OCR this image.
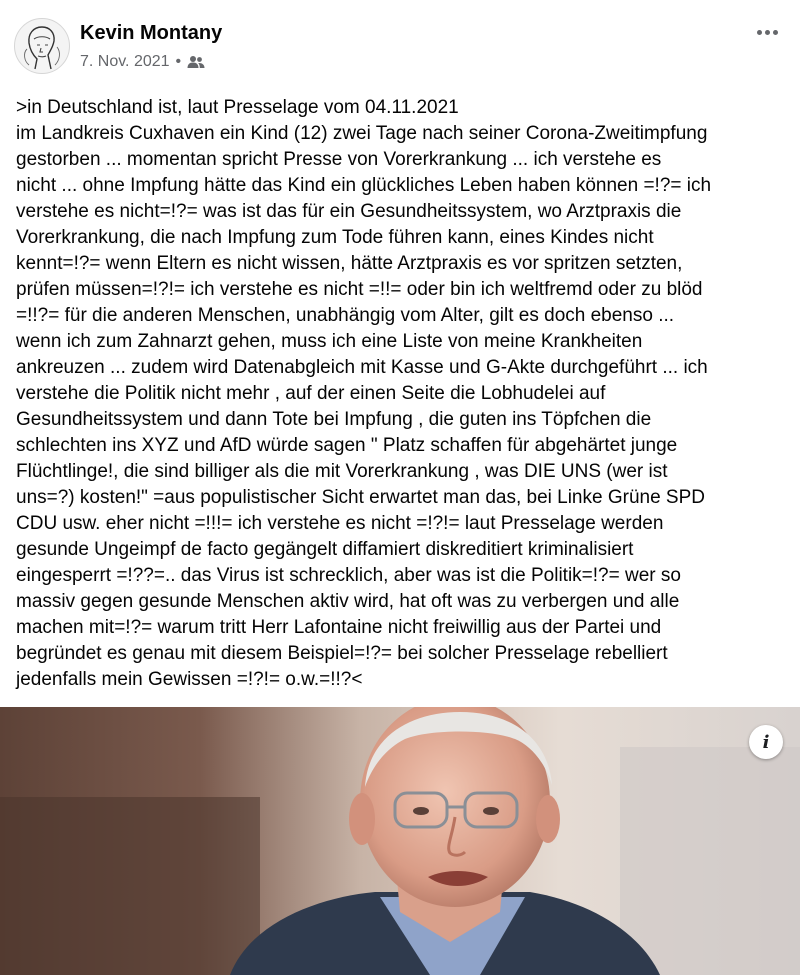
Kevin Montany
7. Nov. 2021 •
>in Deutschland ist, laut Presselage vom 04.11.2021
im Landkreis Cuxhaven ein Kind (12) zwei Tage nach seiner Corona-Zweitimpfung
gestorben ... momentan spricht Presse von Vorerkrankung ... ich verstehe es
nicht ... ohne Impfung hätte das Kind ein glückliches Leben haben können =!?= ich
verstehe es nicht=!?= was ist das für ein Gesundheitssystem, wo Arztpraxis die
Vorerkrankung, die nach Impfung zum Tode führen kann, eines Kindes nicht
kennt=!?= wenn Eltern es nicht wissen, hätte Arztpraxis es vor spritzen setzten,
prüfen müssen=!?!= ich verstehe es nicht =!!= oder bin ich weltfremd oder zu blöd
=!!?= für die anderen Menschen, unabhängig vom Alter, gilt es doch ebenso ...
wenn ich zum Zahnarzt gehen, muss ich eine Liste von meine Krankheiten
ankreuzen ... zudem wird Datenabgleich mit Kasse und G-Akte durchgeführt ... ich
verstehe die Politik nicht mehr , auf der einen Seite die Lobhudelei auf
Gesundheitssystem und dann Tote bei Impfung , die guten ins Töpfchen die
schlechten ins XYZ und AfD würde sagen " Platz schaffen für abgehärtet junge
Flüchtlinge!, die sind billiger als die mit Vorerkrankung , was DIE UNS (wer ist
uns=?) kosten!" =aus populistischer Sicht erwartet man das, bei Linke Grüne SPD
CDU usw. eher nicht =!!!= ich verstehe es nicht =!?!= laut Presselage werden
gesunde Ungeimpf de facto gegängelt diffamiert diskreditiert kriminalisiert
eingesperrt =!??=.. das Virus ist schrecklich, aber was ist die Politik=!?= wer so
massiv gegen gesunde Menschen aktiv wird, hat oft was zu verbergen und alle
machen mit=!?= warum tritt Herr Lafontaine nicht freiwillig aus der Partei und
begründet es genau mit diesem Beispiel=!?= bei solcher Presselage rebelliert
jedenfalls mein Gewissen =!?!= o.w.=!!?<
i
